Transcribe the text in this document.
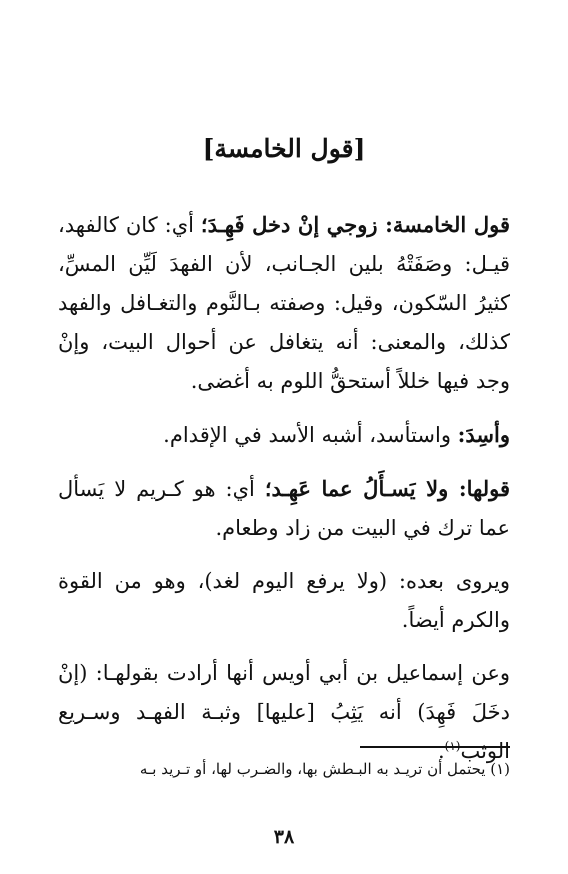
[قول الخامسة]

قول الخامسة: زوجي إنْ دخل فَهِـدَ؛ أي: كان كالفهد، قيـل: وصَفَتْهُ بلين الجـانب، لأن الفهدَ لَيِّن المسِّ، كثيرُ السّكون، وقيل: وصفته بـالنَّوم والتغـافل والفهد كذلك، والمعنى: أنه يتغافل عن أحوال البيت، وإنْ وجد فيها خللاً أستحقُّ اللوم به أغضى.

وأسِدَ: واستأسد، أشبه الأسد في الإقدام.

قولها: ولا يَسـأَلُ عما عَهِـد؛ أي: هو كـريم لا يَسأل عما ترك في البيت من زاد وطعام.

ويروى بعده: (ولا يرفع اليوم لغد)، وهو من القوة والكرم أيضاً.

وعن إسماعيل بن أبي أويس أنها أرادت بقولهـا: (إنْ دخَلَ فَهِدَ) أنه يَثِبُ [عليها] وثبـة الفهـد وسـريع الوثب$^{(١)}$.

(١) يحتمل أن تريـد به البـطش بها، والضـرب لها، أو تـريد بـه
٣٨
